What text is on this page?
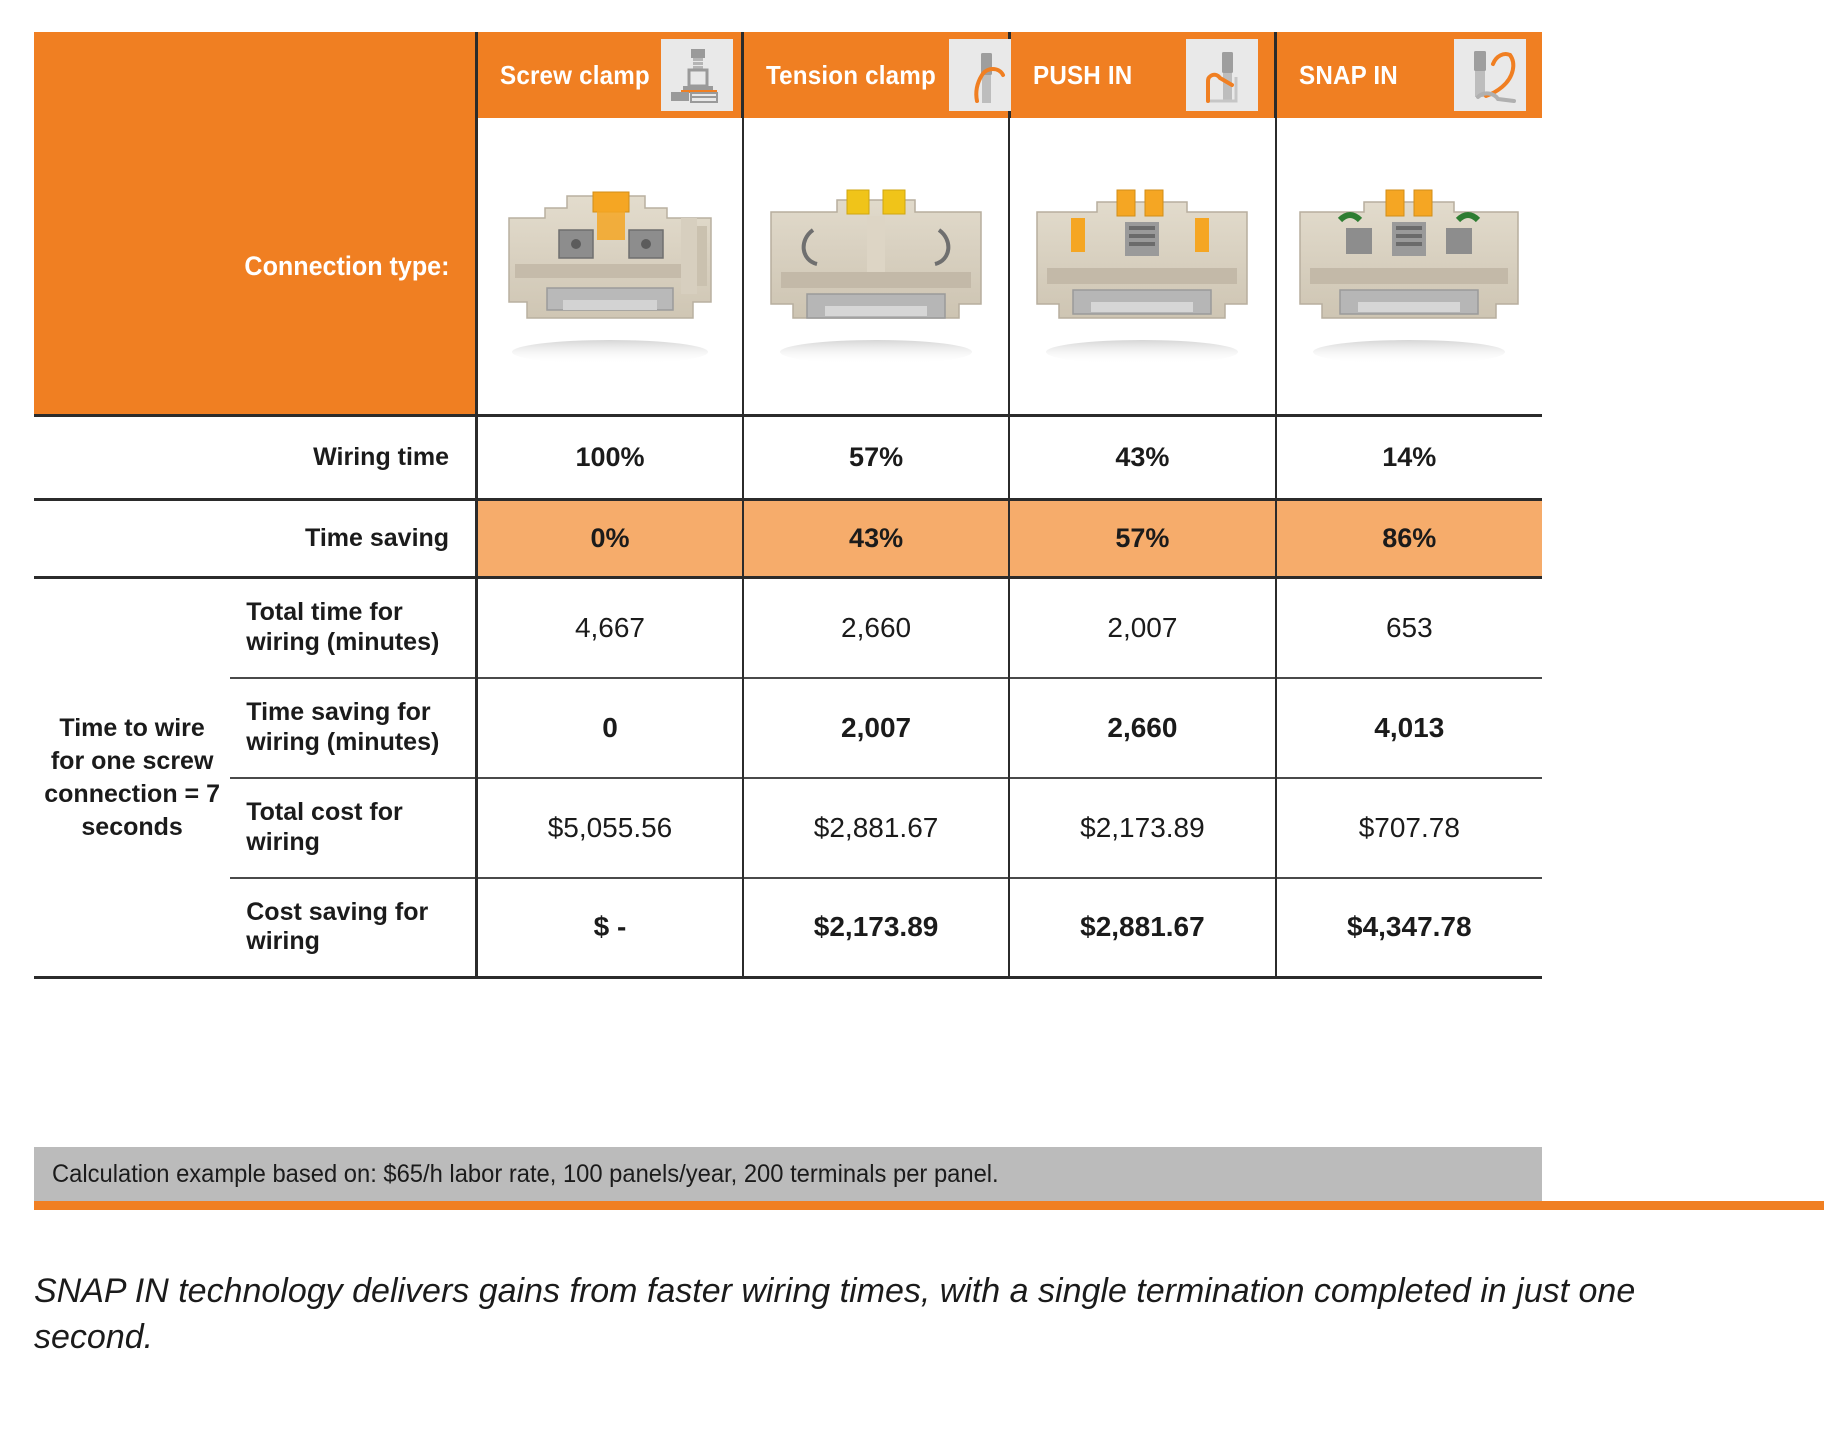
		Screw clamp	Tension clamp	PUSH IN	SNAP IN

Connection type:				
Wiring time		100%	57%	43%	14%
Time saving		0%	43%	57%	86%
Time to wire for one screw connection = 7 seconds	Total time for wiring (minutes)	4,667	2,660	2,007	653
	Time saving for wiring (minutes)	0	2,007	2,660	4,013
	Total cost for wiring	$5,055.56	$2,881.67	$2,173.89	$707.78
	Cost saving for wiring	$ -	$2,173.89	$2,881.67	$4,347.78
Calculation example based on: $65/h labor rate, 100 panels/year, 200 terminals per panel.
SNAP IN technology delivers gains from faster wiring times, with a single termination completed in just one second.
